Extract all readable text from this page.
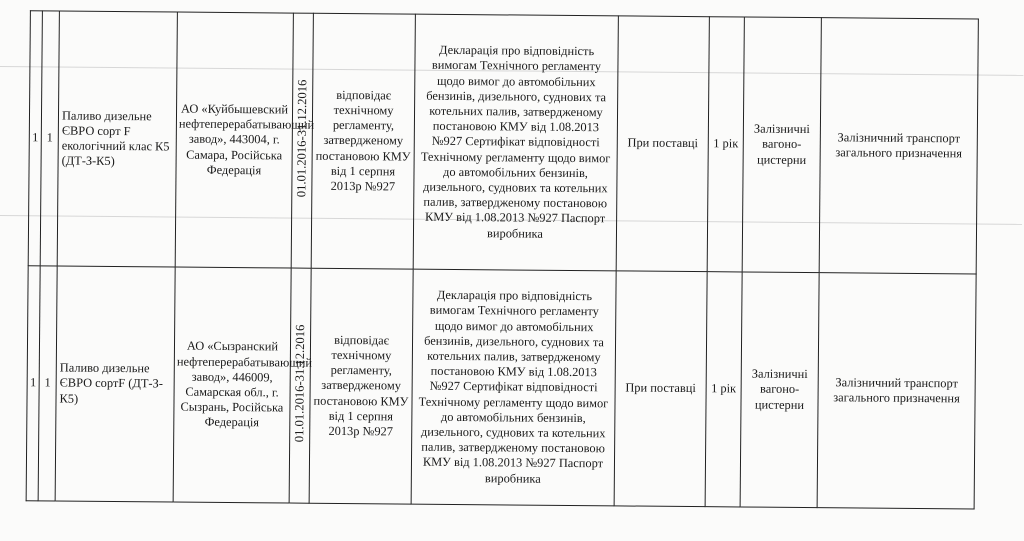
1	1	Паливо дизельне ЄВРО сорт F екологічний клас К5 (ДТ-З-К5)	АО «Куйбышевский нефтеперерабатывающий завод», 443004, г. Самара, Російська Федерація	01.01.2016-31.12.2016	відповідає технічному регламенту, затвердженому постановою КМУ від 1 серпня 2013р №927	Декларація про відповідність вимогам Технічного регламенту щодо вимог до автомобільних бензинів, дизельного, суднових та котельних палив, затвердженому постановою КМУ від 1.08.2013 №927 Сертифікат відповідності Технічному регламенту щодо вимог до автомобільних бензинів, дизельного, суднових та котельних палив, затвердженому постановою КМУ від 1.08.2013 №927 Паспорт виробника	При поставці	1 рік	Залізничні вагоно-цистерни	Залізничний транспорт загального призначення
1	1	Паливо дизельне ЄВРО сортF (ДТ-З-К5)	АО «Сызранский нефтеперерабатывающий завод», 446009, Самарская обл., г. Сызрань, Російська Федерація	01.01.2016-31.12.2016	відповідає технічному регламенту, затвердженому постановою КМУ від 1 серпня 2013р №927	Декларація про відповідність вимогам Технічного регламенту щодо вимог до автомобільних бензинів, дизельного, суднових та котельних палив, затвердженому постановою КМУ від 1.08.2013 №927 Сертифікат відповідності Технічному регламенту щодо вимог до автомобільних бензинів, дизельного, суднових та котельних палив, затвердженому постановою КМУ від 1.08.2013 №927 Паспорт виробника	При поставці	1 рік	Залізничні вагоно-цистерни	Залізничний транспорт загального призначення
